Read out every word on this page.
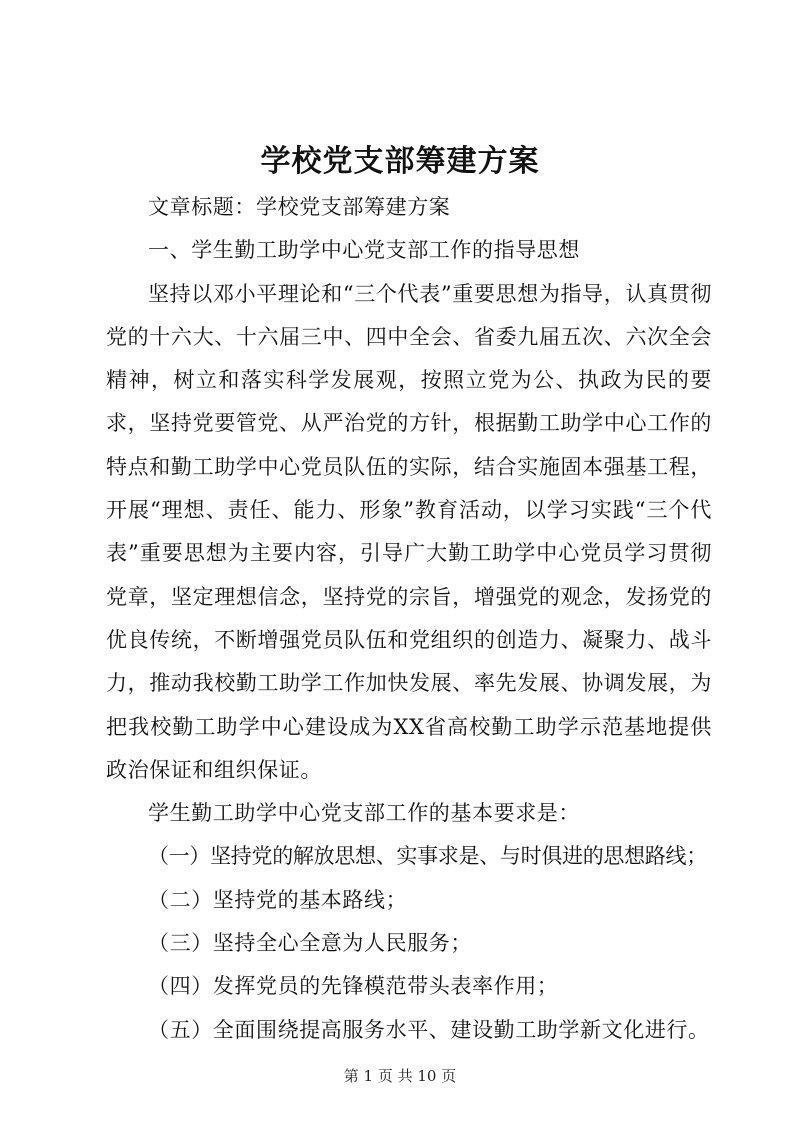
学校党支部筹建方案

文章标题：学校党支部筹建方案

一、学生勤工助学中心党支部工作的指导思想

坚持以邓小平理论和“三个代表”重要思想为指导，认真贯彻党的十六大、十六届三中、四中全会、省委九届五次、六次全会精神，树立和落实科学发展观，按照立党为公、执政为民的要求，坚持党要管党、从严治党的方针，根据勤工助学中心工作的特点和勤工助学中心党员队伍的实际，结合实施固本强基工程，开展“理想、责任、能力、形象”教育活动，以学习实践“三个代表”重要思想为主要内容，引导广大勤工助学中心党员学习贯彻党章，坚定理想信念，坚持党的宗旨，增强党的观念，发扬党的优良传统，不断增强党员队伍和党组织的创造力、凝聚力、战斗力，推动我校勤工助学工作加快发展、率先发展、协调发展，为把我校勤工助学中心建设成为XX省高校勤工助学示范基地提供政治保证和组织保证。

学生勤工助学中心党支部工作的基本要求是：

（一）坚持党的解放思想、实事求是、与时俱进的思想路线；

（二）坚持党的基本路线；

（三）坚持全心全意为人民服务；

（四）发挥党员的先锋模范带头表率作用；

（五）全面围绕提高服务水平、建设勤工助学新文化进行。

第 1 页 共 10 页
